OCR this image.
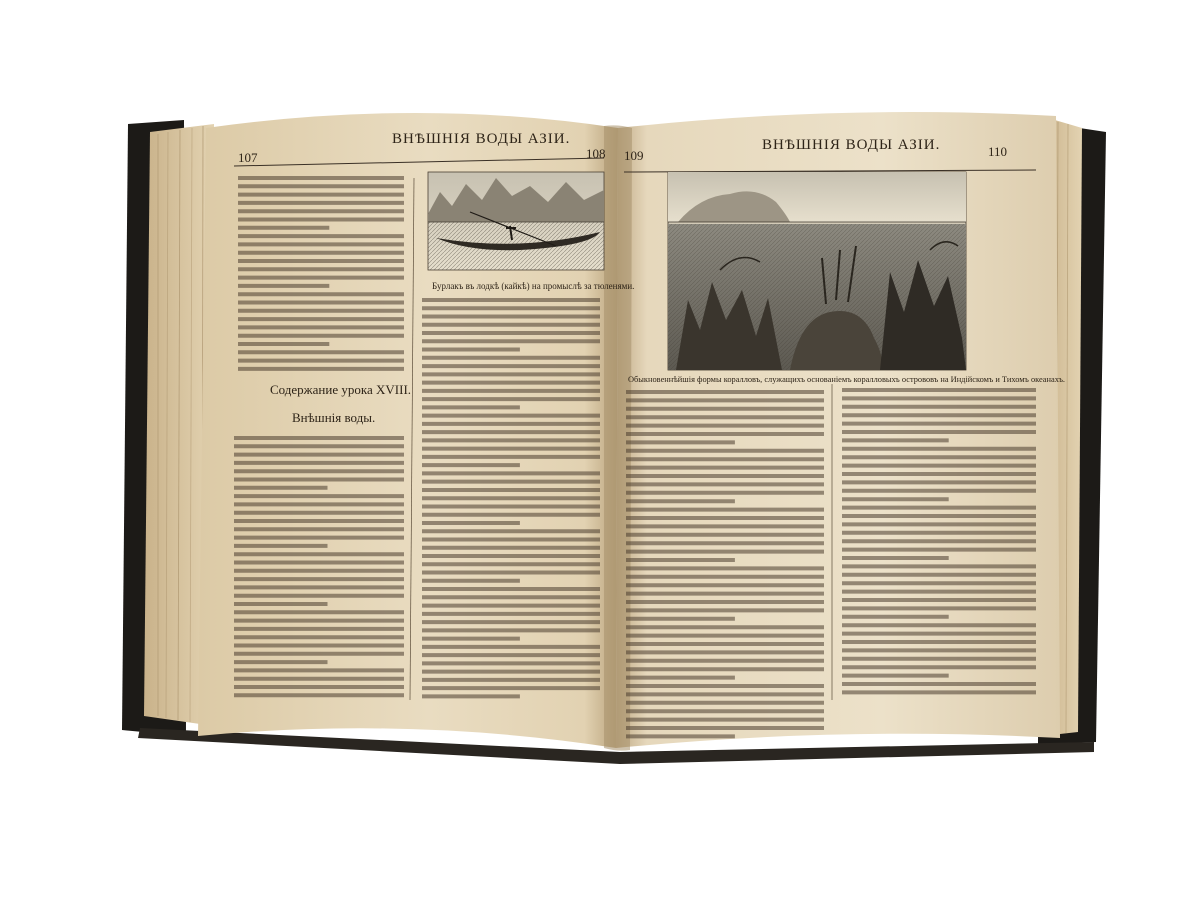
ВНѢШНІЯ ВОДЫ АЗІИ.
107	108
Содержание урока XVIII.
Внѣшнія воды.
Бурлакъ въ лодкѣ (кайкѣ) на промыслѣ за тюленями.
ВНѢШНІЯ ВОДЫ АЗІИ.
109	110
Обыкновеннѣйшія формы коралловъ, служащихъ основаніемъ коралловыхъ острововъ на Индійскомъ и Тихомъ океанахъ.
